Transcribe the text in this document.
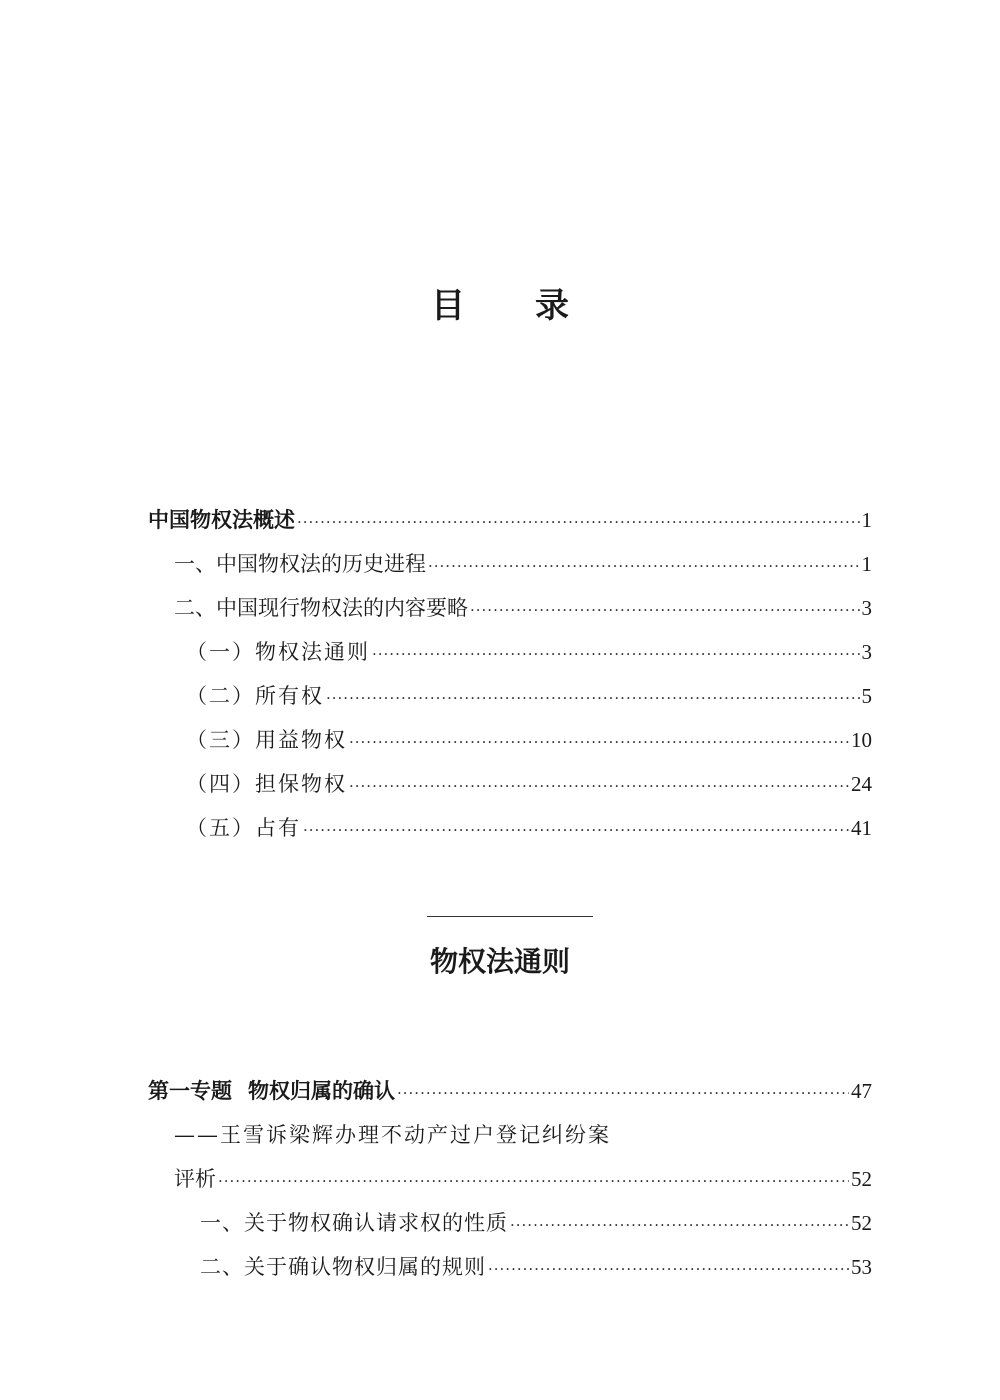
目 录
中国物权法概述 ·····	1
一、中国物权法的历史进程 ·····	1
二、中国现行物权法的内容要略 ·····	3
（一）物权法通则 ·····	3
（二）所有权 ·····	5
（三）用益物权 ·····	10
（四）担保物权 ·····	24
（五）占有 ·····	41
物权法通则
第一专题 物权归属的确认 ·····	47
——王雪诉梁辉办理不动产过户登记纠纷案
评析 ·····	52
一、关于物权确认请求权的性质 ·····	52
二、关于确认物权归属的规则 ·····	53
